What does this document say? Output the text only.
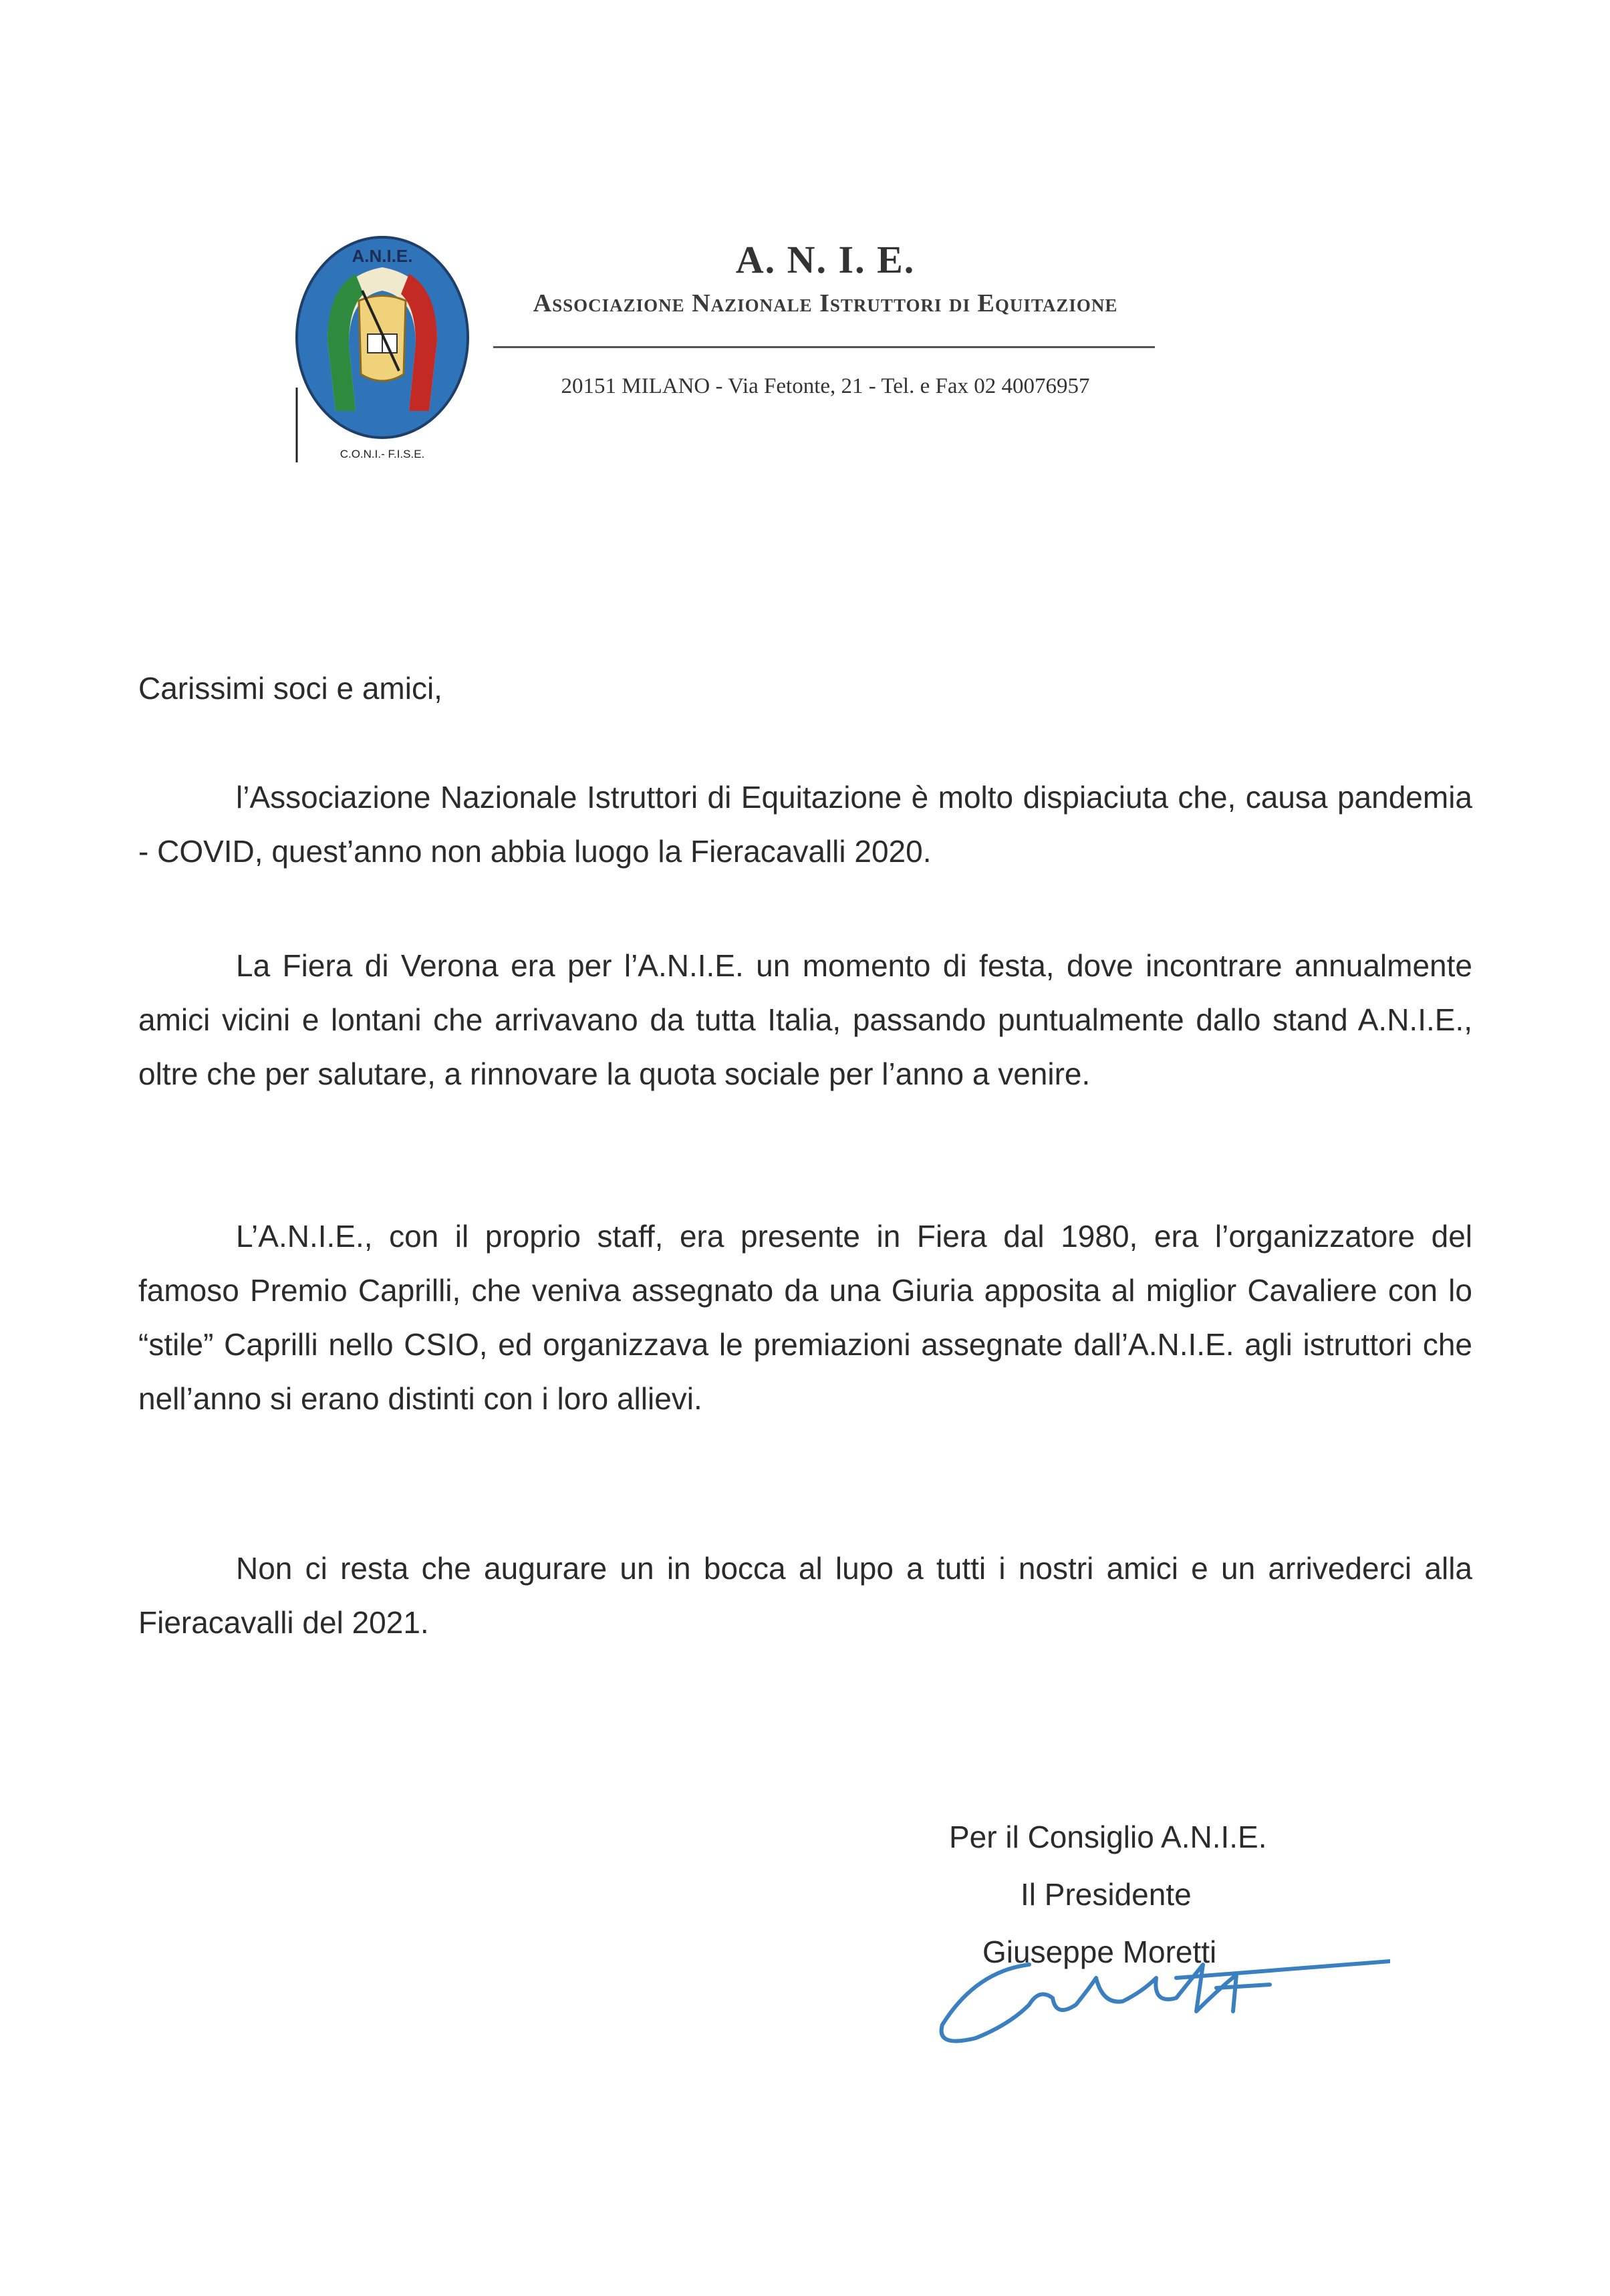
A.N.I.E.
C.O.N.I.- F.I.S.E.
A. N. I. E.
Associazione Nazionale Istruttori di Equitazione
20151 MILANO - Via Fetonte, 21 - Tel. e Fax 02 40076957
Carissimi soci e amici,

l’Associazione Nazionale Istruttori di Equitazione è molto dispiaciuta che, causa pandemia - COVID, quest’anno non abbia luogo la Fieracavalli 2020.

La Fiera di Verona era per l’A.N.I.E. un momento di festa, dove incontrare annualmente amici vicini e lontani che arrivavano da tutta Italia, passando puntualmente dallo stand A.N.I.E., oltre che per salutare, a rinnovare la quota sociale per l’anno a venire.

L’A.N.I.E., con il proprio staff, era presente in Fiera dal 1980, era l’organizzatore del famoso Premio Caprilli, che veniva assegnato da una Giuria apposita al miglior Cavaliere con lo “stile” Caprilli nello CSIO, ed organizzava le premiazioni assegnate dall’A.N.I.E. agli istruttori che nell’anno si erano distinti con i loro allievi.

Non ci resta che augurare un in bocca al lupo a tutti i nostri amici e un arrivederci alla Fieracavalli del 2021.

Per il Consiglio A.N.I.E.
Il Presidente
Giuseppe Moretti
